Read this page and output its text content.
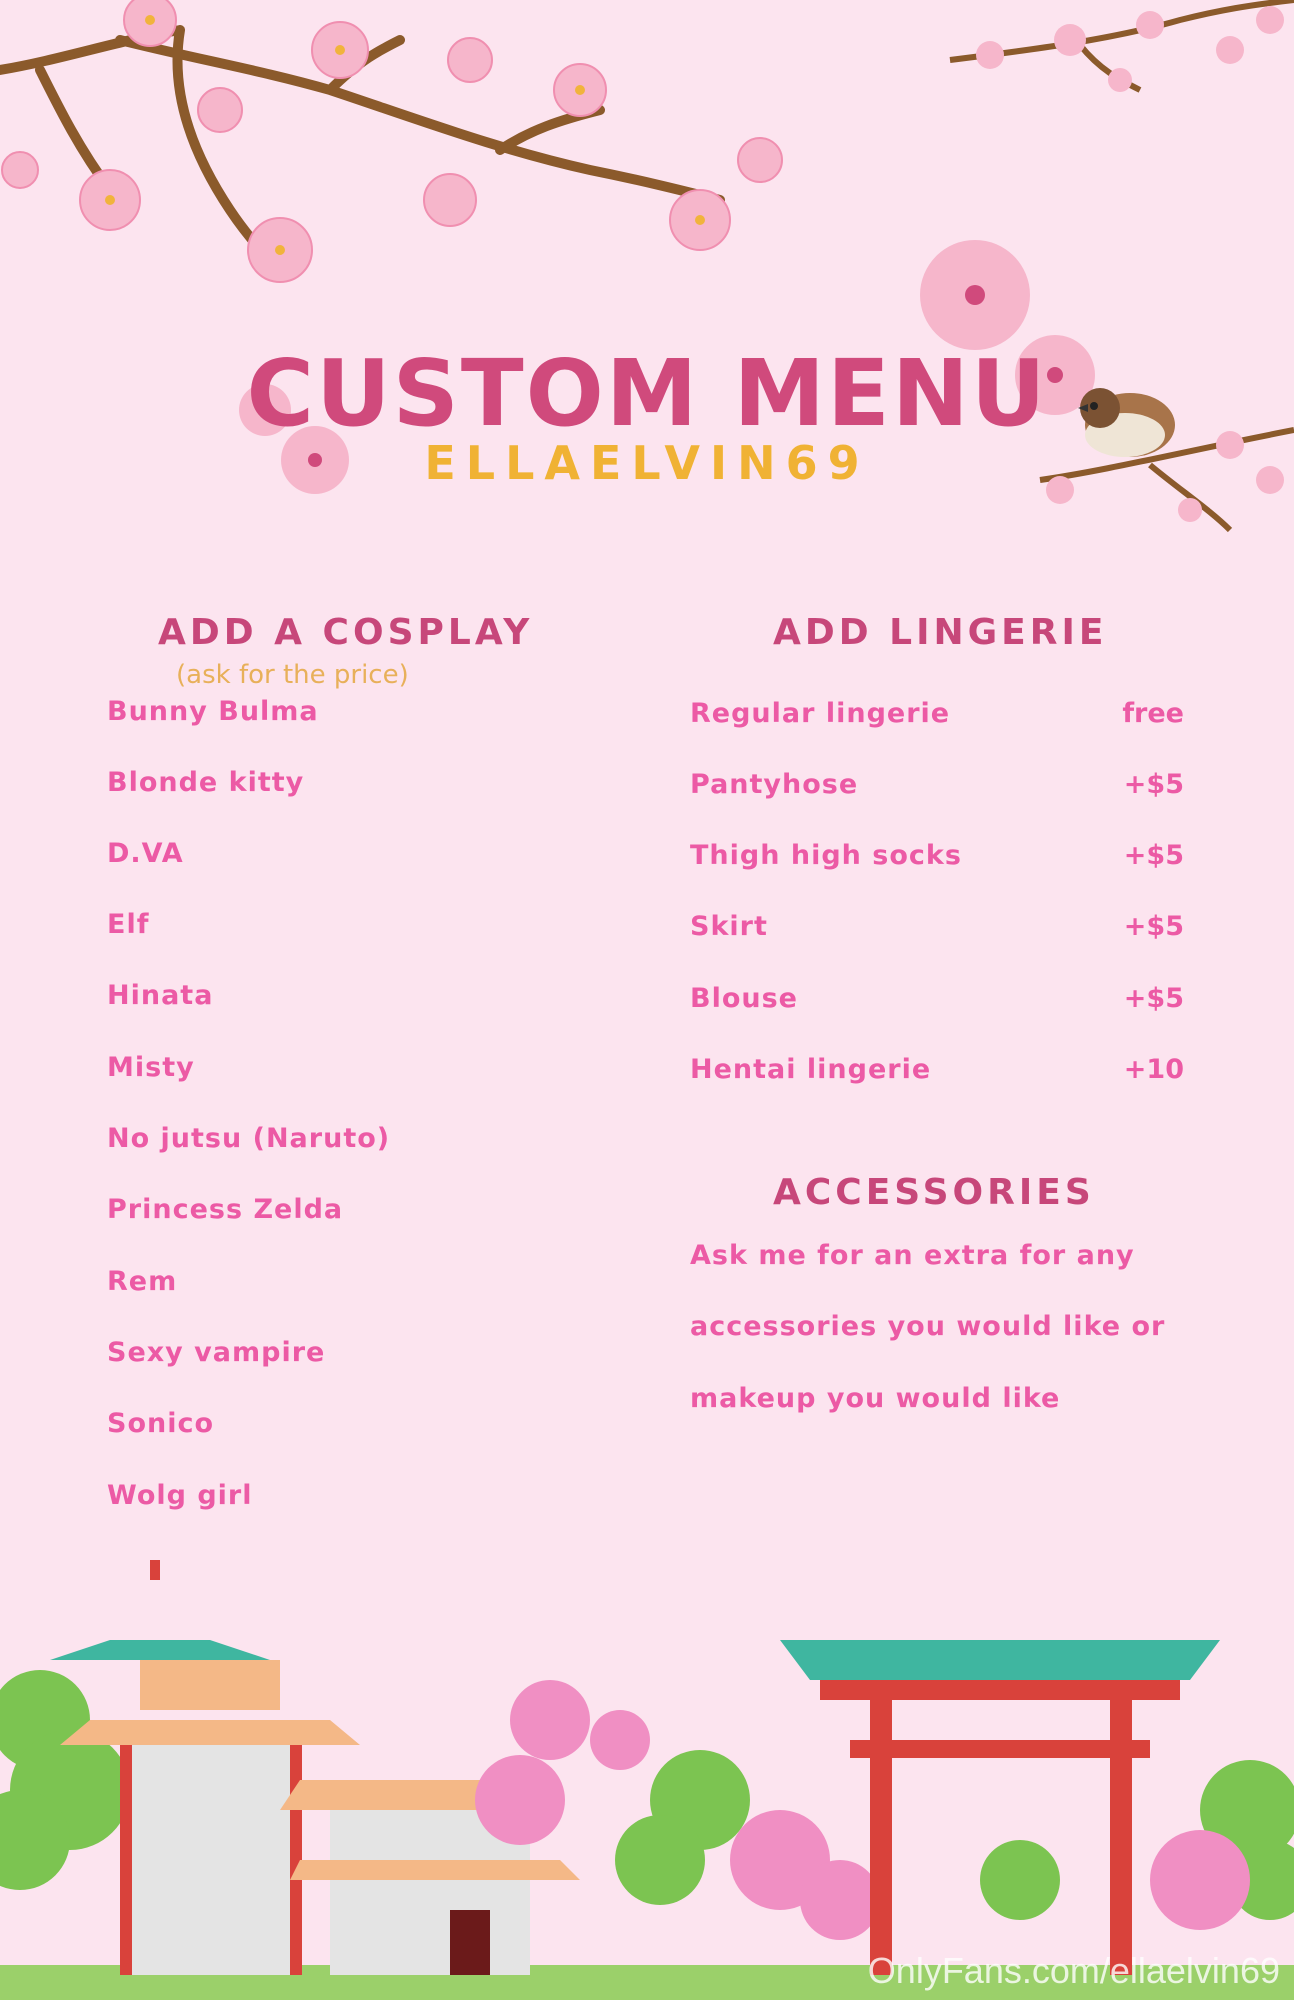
CUSTOM MENU
ELLAELVIN69
ADD A COSPLAY
(ask for the price)
Bunny Bulma
Blonde kitty
D.VA
Elf
Hinata
Misty
No jutsu (Naruto)
Princess Zelda
Rem
Sexy vampire
Sonico
Wolg girl
ADD LINGERIE
Regular lingerie	free
Pantyhose	+$5
Thigh high socks	+$5
Skirt	+$5
Blouse	+$5
Hentai lingerie	+10
ACCESSORIES
Ask me for an extra for any
accessories you would like or
makeup you would like
OnlyFans.com/ellaelvin69
